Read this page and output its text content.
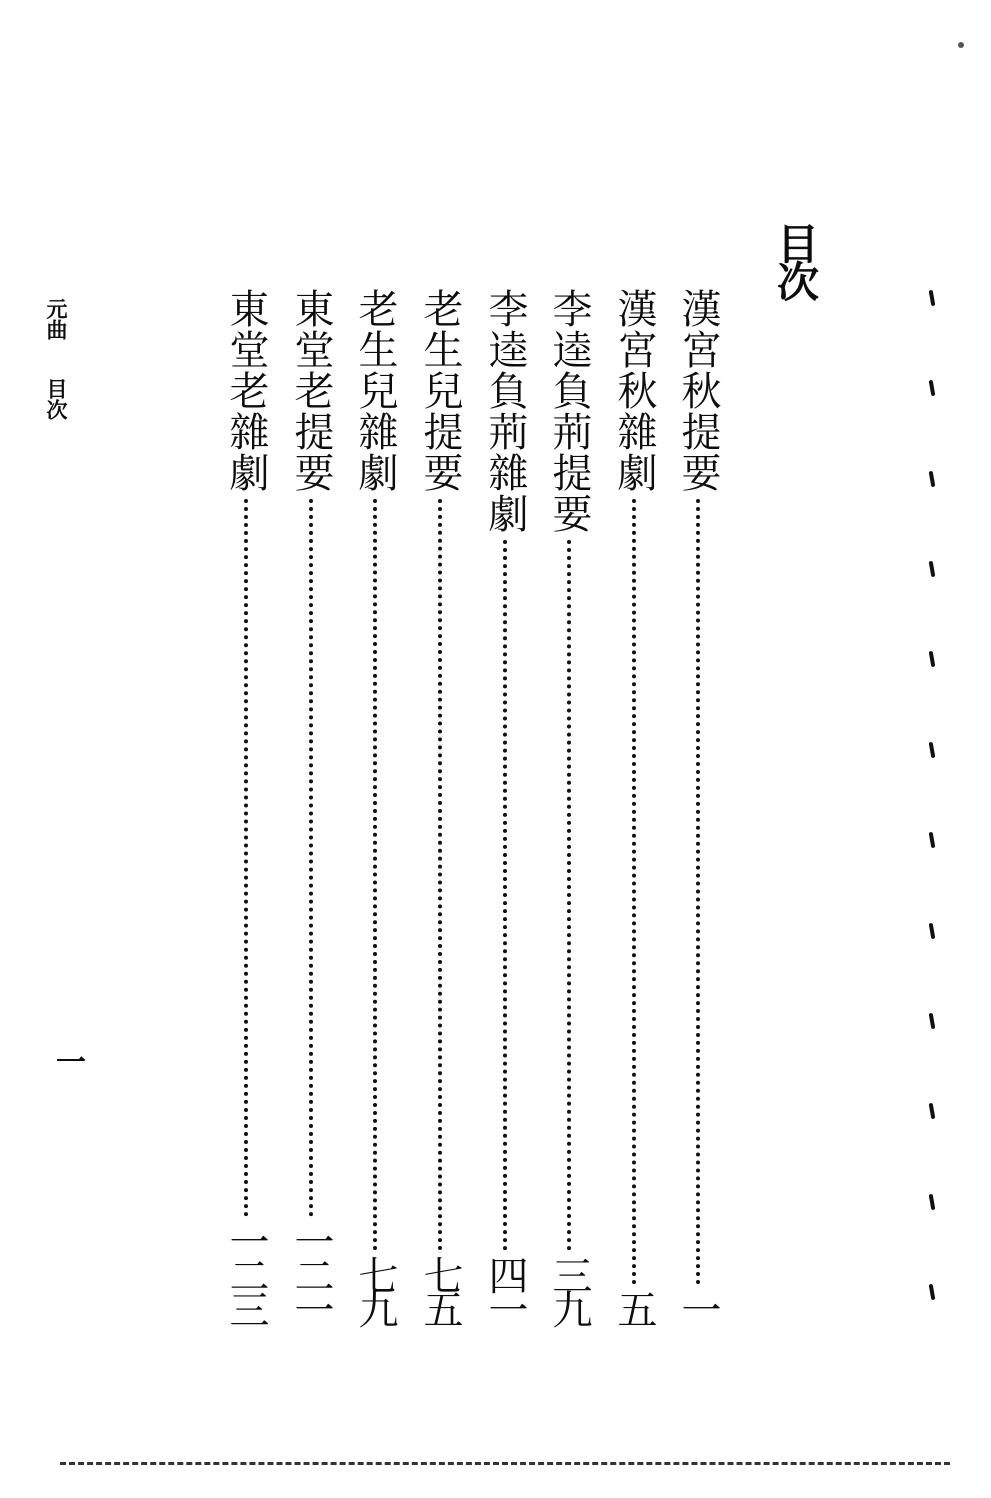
目次
漢宮秋提要
一
漢宮秋雜劇
五
李逵負荊提要
三九
李逵負荊雜劇
四一
老生兒提要
七五
老生兒雜劇
七九
東堂老提要
一二一
東堂老雜劇
一二三
元曲目次
一
